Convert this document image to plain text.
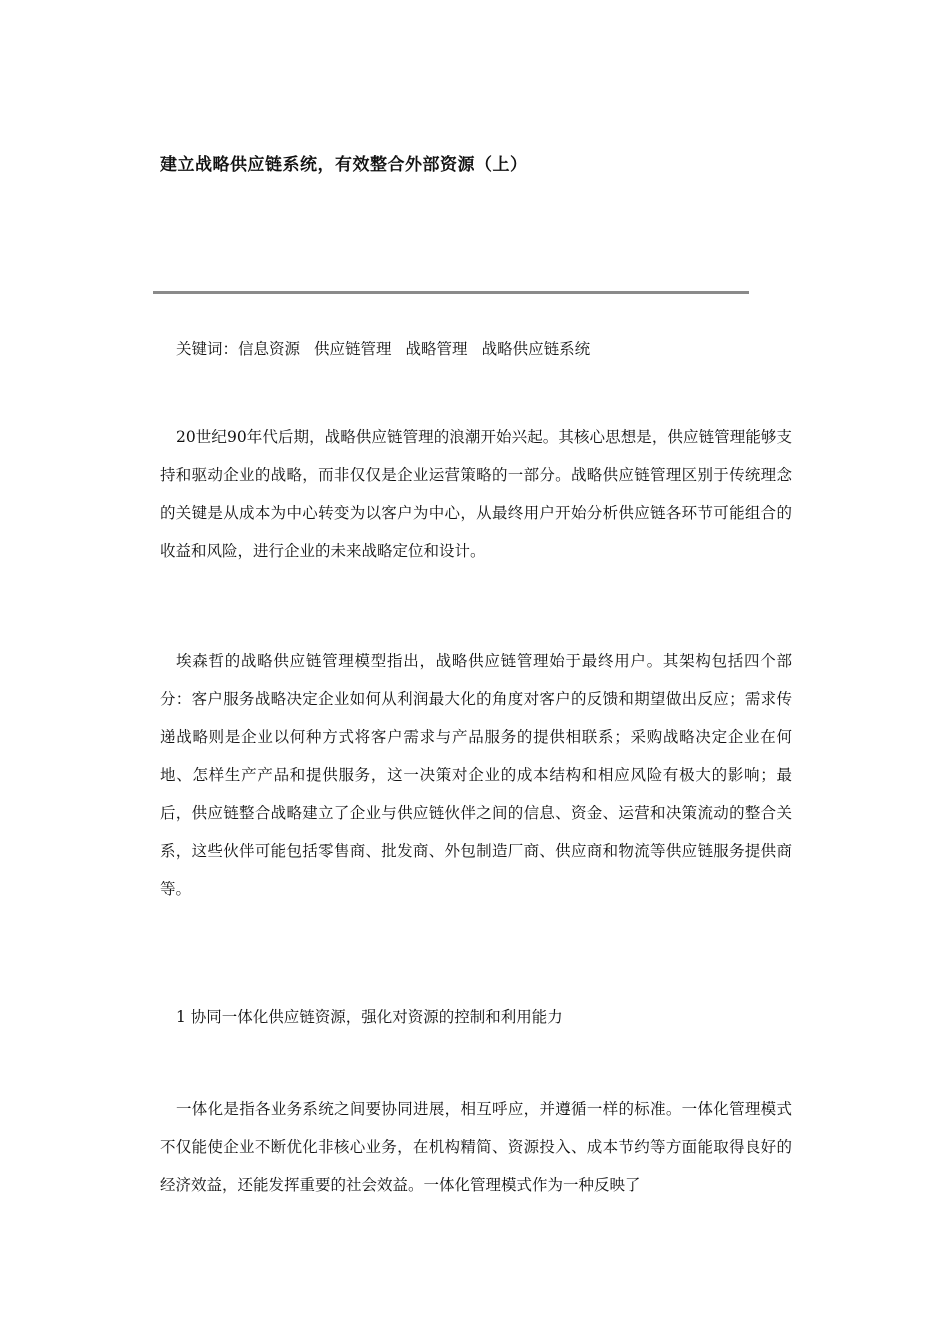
建立战略供应链系统，有效整合外部资源（上）

关键词：信息资源 供应链管理 战略管理 战略供应链系统

20世纪90年代后期，战略供应链管理的浪潮开始兴起。其核心思想是，供应链管理能够支持和驱动企业的战略，而非仅仅是企业运营策略的一部分。战略供应链管理区别于传统理念的关键是从成本为中心转变为以客户为中心，从最终用户开始分析供应链各环节可能组合的收益和风险，进行企业的未来战略定位和设计。

埃森哲的战略供应链管理模型指出，战略供应链管理始于最终用户。其架构包括四个部分：客户服务战略决定企业如何从利润最大化的角度对客户的反馈和期望做出反应；需求传递战略则是企业以何种方式将客户需求与产品服务的提供相联系；采购战略决定企业在何地、怎样生产产品和提供服务，这一决策对企业的成本结构和相应风险有极大的影响；最后，供应链整合战略建立了企业与供应链伙伴之间的信息、资金、运营和决策流动的整合关系，这些伙伴可能包括零售商、批发商、外包制造厂商、供应商和物流等供应链服务提供商等。

1 协同一体化供应链资源，强化对资源的控制和利用能力

一体化是指各业务系统之间要协同进展，相互呼应，并遵循一样的标准。一体化管理模式不仅能使企业不断优化非核心业务，在机构精简、资源投入、成本节约等方面能取得良好的经济效益，还能发挥重要的社会效益。一体化管理模式作为一种反映了
